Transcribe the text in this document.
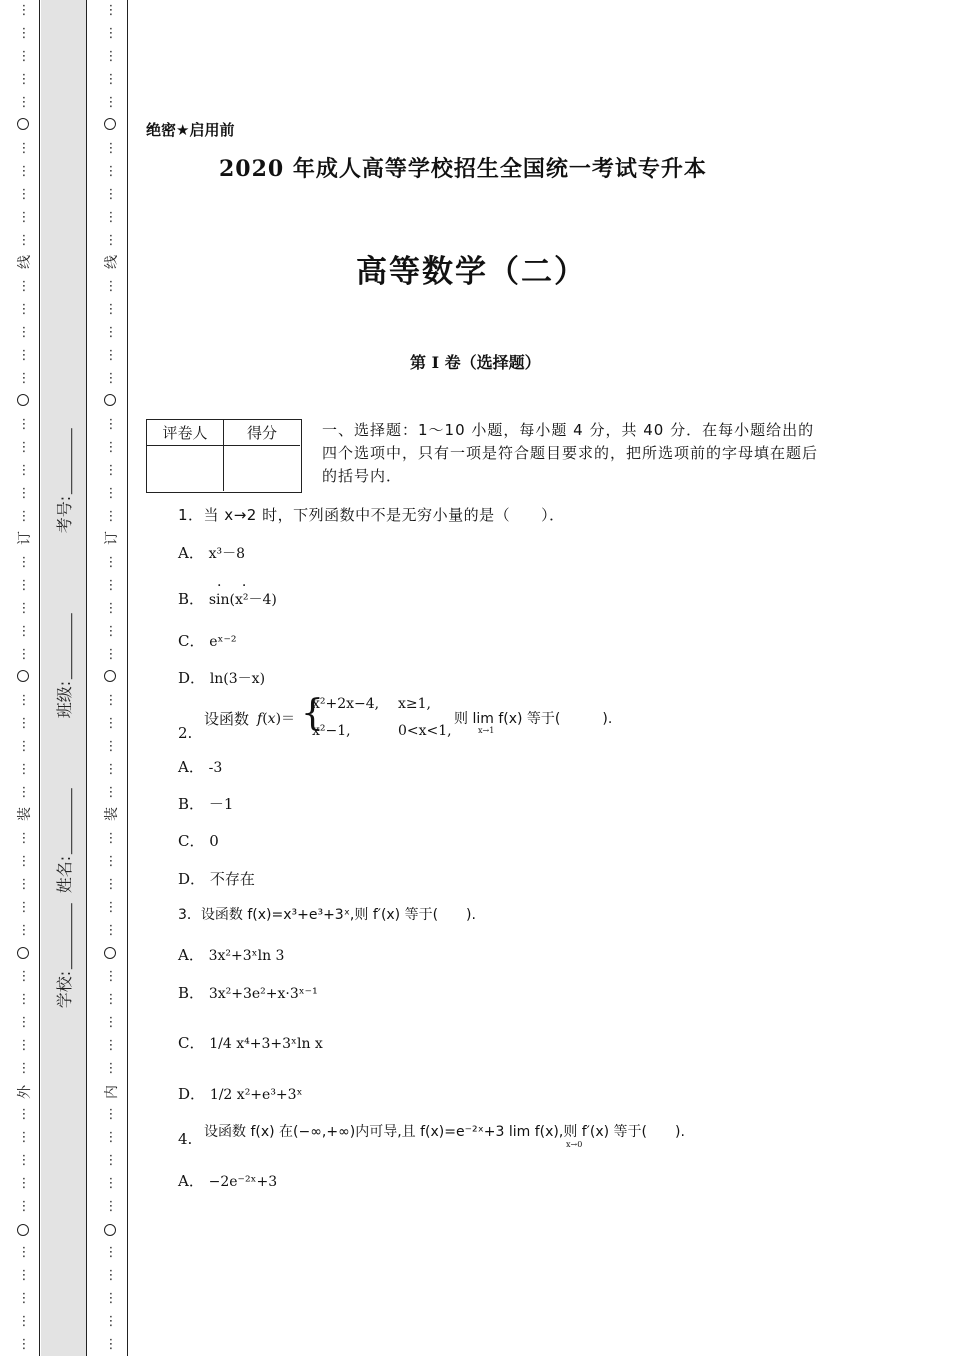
⋮
⋮
⋮
⋮
⋮
⋮
⋮
⋮
⋮
⋮
⋮
⋮
⋮
⋮
⋮
⋮
⋮
⋮
⋮
⋮
⋮
⋮
⋮
⋮
⋮
⋮
⋮
⋮
⋮
⋮
⋮
⋮
⋮
⋮
⋮
⋮
⋮
⋮
⋮
⋮
⋮
⋮
⋮
⋮
⋮
⋮
⋮
⋮
⋮
⋮
⋮
⋮
⋮
⋮
⋮
⋮
⋮
⋮
⋮
⋮
⋮
⋮
⋮
⋮
⋮
⋮
⋮
⋮
⋮
⋮
⋮
⋮
⋮
⋮
⋮
⋮
⋮
⋮
⋮
⋮
⋮
⋮
⋮
⋮
⋮
⋮
⋮
⋮
⋮
⋮
⋮
⋮
⋮
⋮
⋮
⋮
⋮
⋮
⋮
⋮
线
订
装
外
线
订
装
内
考号:
班级:
姓名:
学校:
绝密★启用前
2020 年成人高等学校招生全国统一考试专升本
高等数学（二）
第 I 卷（选择题）
评卷人	得分	一、选择题：1～10 小题，每小题 4 分，共 40 分．在每小题给出的四个选项中，只有一项是符合题目要求的，把所选项前的字母填在题后的括号内．
1．当 x→2 时，下列函数中不是无穷小量的是（　　）．
A． x³－8
. .
B． sin(x²－4)
C． eˣ⁻²
D． ln(3－x)
2.
设函数 f(x)＝ {
x²+2x−4, x≥1,
x²−1,	0<x<1,
则 lim f(x) 等于(　　　).
x→1
A． -3
B． －1
C． 0
D． 不存在
3．设函数 f(x)=x³+e³+3ˣ,则 f′(x) 等于(　　).
A． 3x²+3ˣln 3
B． 3x²+3e²+x·3ˣ⁻¹
C． 1/4 x⁴+3+3ˣln x
D． 1/2 x²+e³+3ˣ
4. 设函数 f(x) 在(−∞,+∞)内可导,且 f(x)=e⁻²ˣ+3 lim f(x),则 f′(x) 等于(　　).
x→0
A． −2e⁻²ˣ+3
